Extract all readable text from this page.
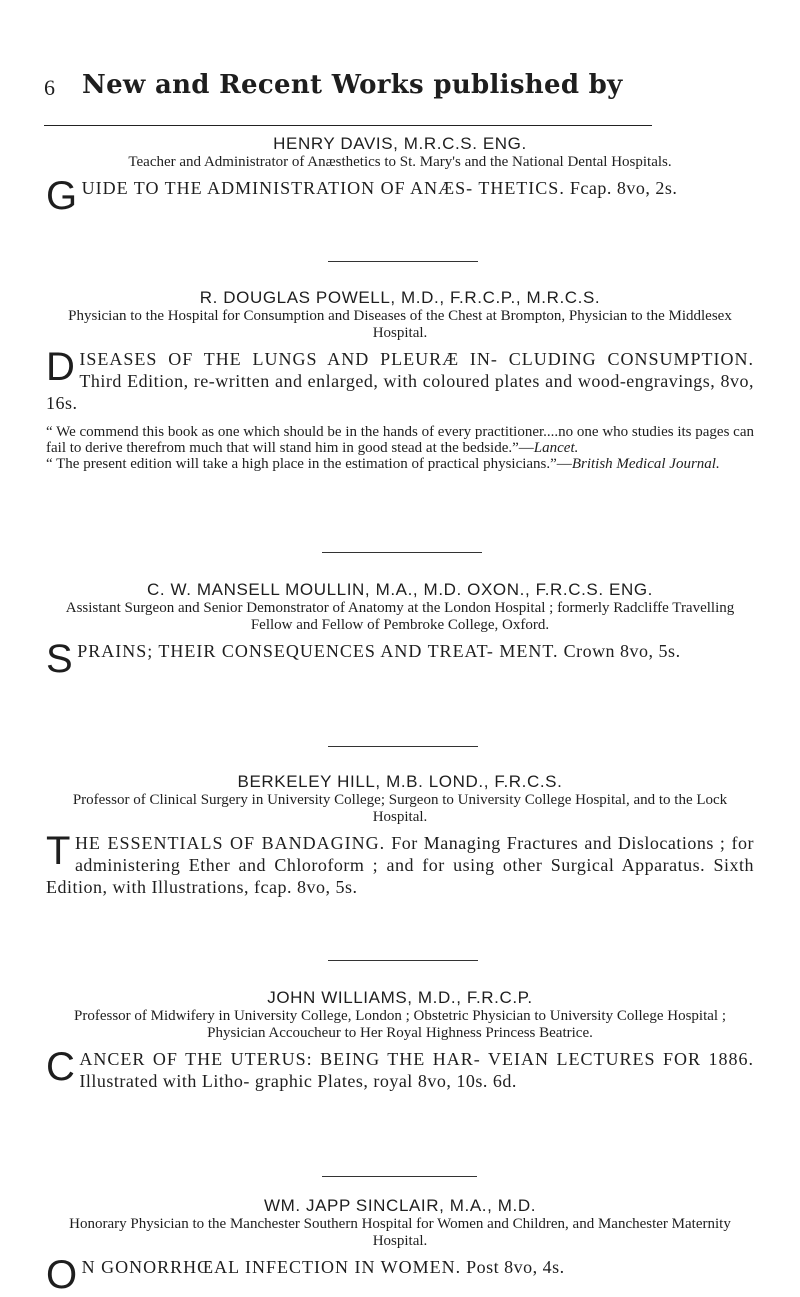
6 New and Recent Works published by
HENRY DAVIS, M.R.C.S. ENG.
Teacher and Administrator of Anæsthetics to St. Mary's and the National Dental Hospitals.
G UIDE TO THE ADMINISTRATION OF ANÆS- THETICS. Fcap. 8vo, 2s.
R. DOUGLAS POWELL, M.D., F.R.C.P., M.R.C.S.
Physician to the Hospital for Consumption and Diseases of the Chest at Brompton, Physician to the Middlesex Hospital.
D ISEASES OF THE LUNGS AND PLEURÆ IN- CLUDING CONSUMPTION. Third Edition, re-written and enlarged, with coloured plates and wood-engravings, 8vo, 16s.

“ We commend this book as one which should be in the hands of every practitioner....no one who studies its pages can fail to derive therefrom much that will stand him in good stead at the bedside.”—Lancet.

“ The present edition will take a high place in the estimation of practical physicians.”—British Medical Journal.

C. W. MANSELL MOULLIN, M.A., M.D. OXON., F.R.C.S. ENG.
Assistant Surgeon and Senior Demonstrator of Anatomy at the London Hospital ; formerly Radcliffe Travelling Fellow and Fellow of Pembroke College, Oxford.
S PRAINS; THEIR CONSEQUENCES AND TREAT- MENT. Crown 8vo, 5s.
BERKELEY HILL, M.B. LOND., F.R.C.S.
Professor of Clinical Surgery in University College; Surgeon to University College Hospital, and to the Lock Hospital.
T HE ESSENTIALS OF BANDAGING. For Managing Fractures and Dislocations ; for administering Ether and Chloroform ; and for using other Surgical Apparatus. Sixth Edition, with Illustrations, fcap. 8vo, 5s.
JOHN WILLIAMS, M.D., F.R.C.P.
Professor of Midwifery in University College, London ; Obstetric Physician to University College Hospital ; Physician Accoucheur to Her Royal Highness Princess Beatrice.
C ANCER OF THE UTERUS: BEING THE HAR- VEIAN LECTURES FOR 1886. Illustrated with Litho- graphic Plates, royal 8vo, 10s. 6d.
WM. JAPP SINCLAIR, M.A., M.D.
Honorary Physician to the Manchester Southern Hospital for Women and Children, and Manchester Maternity Hospital.
O N GONORRHŒAL INFECTION IN WOMEN. Post 8vo, 4s.
